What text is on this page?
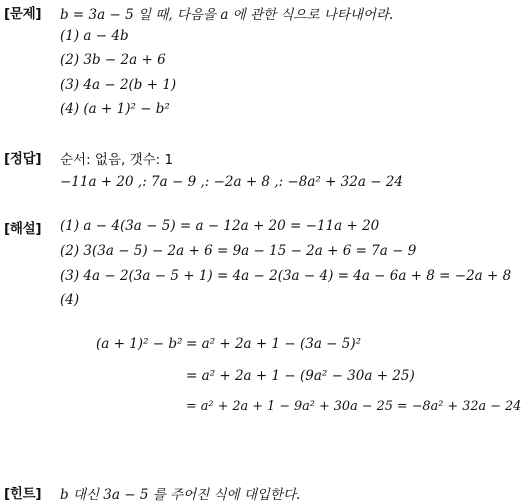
[문제] b = 3a − 5 일 때, 다음을 a 에 관한 식으로 나타내어라.
(1) a − 4b
(2) 3b − 2a + 6
(3) 4a − 2(b + 1)
(4) (a + 1)² − b²
[정답] 순서: 없음, 갯수: 1
−11a + 20 ,: 7a − 9 ,: −2a + 8 ,: −8a² + 32a − 24
[해설] (1) a − 4(3a − 5) = a − 12a + 20 = −11a + 20
(2) 3(3a − 5) − 2a + 6 = 9a − 15 − 2a + 6 = 7a − 9
(3) 4a − 2(3a − 5 + 1) = 4a − 2(3a − 4) = 4a − 6a + 8 = −2a + 8
(4)
(a + 1)² − b² = a² + 2a + 1 − (3a − 5)²
= a² + 2a + 1 − (9a² − 30a + 25)
= a² + 2a + 1 − 9a² + 30a − 25 = −8a² + 32a − 24
[힌트] b 대신 3a − 5 를 주어진 식에 대입한다.
